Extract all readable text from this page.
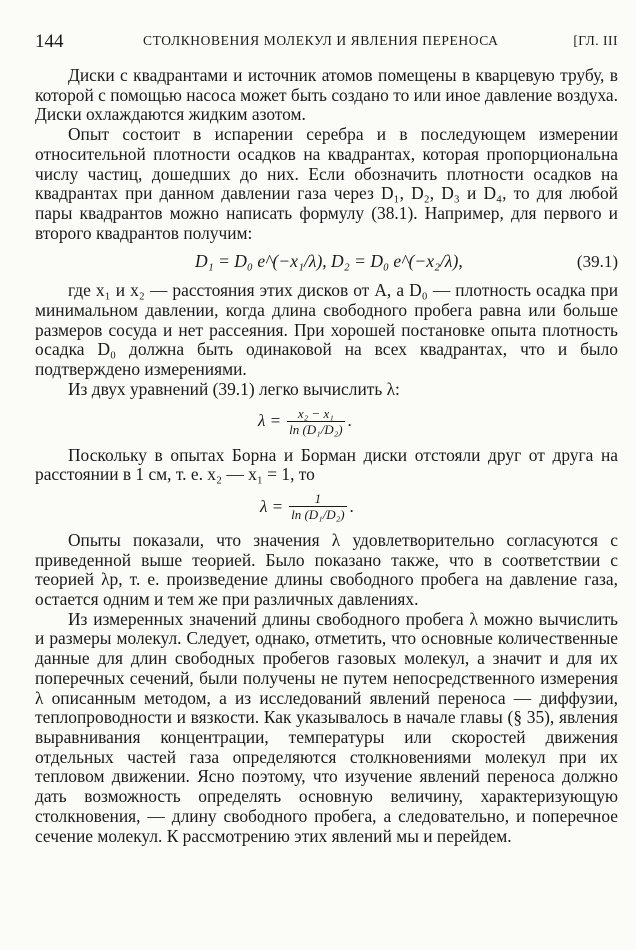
144	СТОЛКНОВЕНИЯ МОЛЕКУЛ И ЯВЛЕНИЯ ПЕРЕНОСА	[ГЛ. III

Диски с квадрантами и источник атомов помещены в кварцевую трубу, в которой с помощью насоса может быть создано то или иное давление воздуха. Диски охлаждаются жидким азотом.

Опыт состоит в испарении серебра и в последующем измерении относительной плотности осадков на квадрантах, которая пропорциональна числу частиц, дошедших до них. Если обозначить плотности осадков на квадрантах при данном давлении газа через D₁, D₂, D₃ и D₄, то для любой пары квадрантов можно написать формулу (38.1). Например, для первого и второго квадрантов получим:

D₁ = D₀ e^(−x₁/λ), D₂ = D₀ e^(−x₂/λ),	(39.1)

где x₁ и x₂ — расстояния этих дисков от A, а D₀ — плотность осадка при минимальном давлении, когда длина свободного пробега равна или больше размеров сосуда и нет рассеяния. При хорошей постановке опыта плотность осадка D₀ должна быть одинаковой на всех квадрантах, что и было подтверждено измерениями.

Из двух уравнений (39.1) легко вычислить λ:

$\lambda = \frac{\text{x₂ − x₁}}{\text{ln (D₁/D₂)}}$ .

Поскольку в опытах Борна и Борман диски отстояли друг от друга на расстоянии в 1 см, т. е. x₂ — x₁ = 1, то

$\lambda = \frac{1}{\text{ln (D₁/D₂)}}$ .

Опыты показали, что значения λ удовлетворительно согласуются с приведенной выше теорией. Было показано также, что в соответствии с теорией λp, т. е. произведение длины свободного пробега на давление газа, остается одним и тем же при различных давлениях.

Из измеренных значений длины свободного пробега λ можно вычислить и размеры молекул. Следует, однако, отметить, что основные количественные данные для длин свободных пробегов газовых молекул, а значит и для их поперечных сечений, были получены не путем непосредственного измерения λ описанным методом, а из исследований явлений переноса — диффузии, теплопроводности и вязкости. Как указывалось в начале главы (§ 35), явления выравнивания концентрации, температуры или скоростей движения отдельных частей газа определяются столкновениями молекул при их тепловом движении. Ясно поэтому, что изучение явлений переноса должно дать возможность определять основную величину, характеризующую столкновения, — длину свободного пробега, а следовательно, и поперечное сечение молекул. К рассмотрению этих явлений мы и перейдем.
